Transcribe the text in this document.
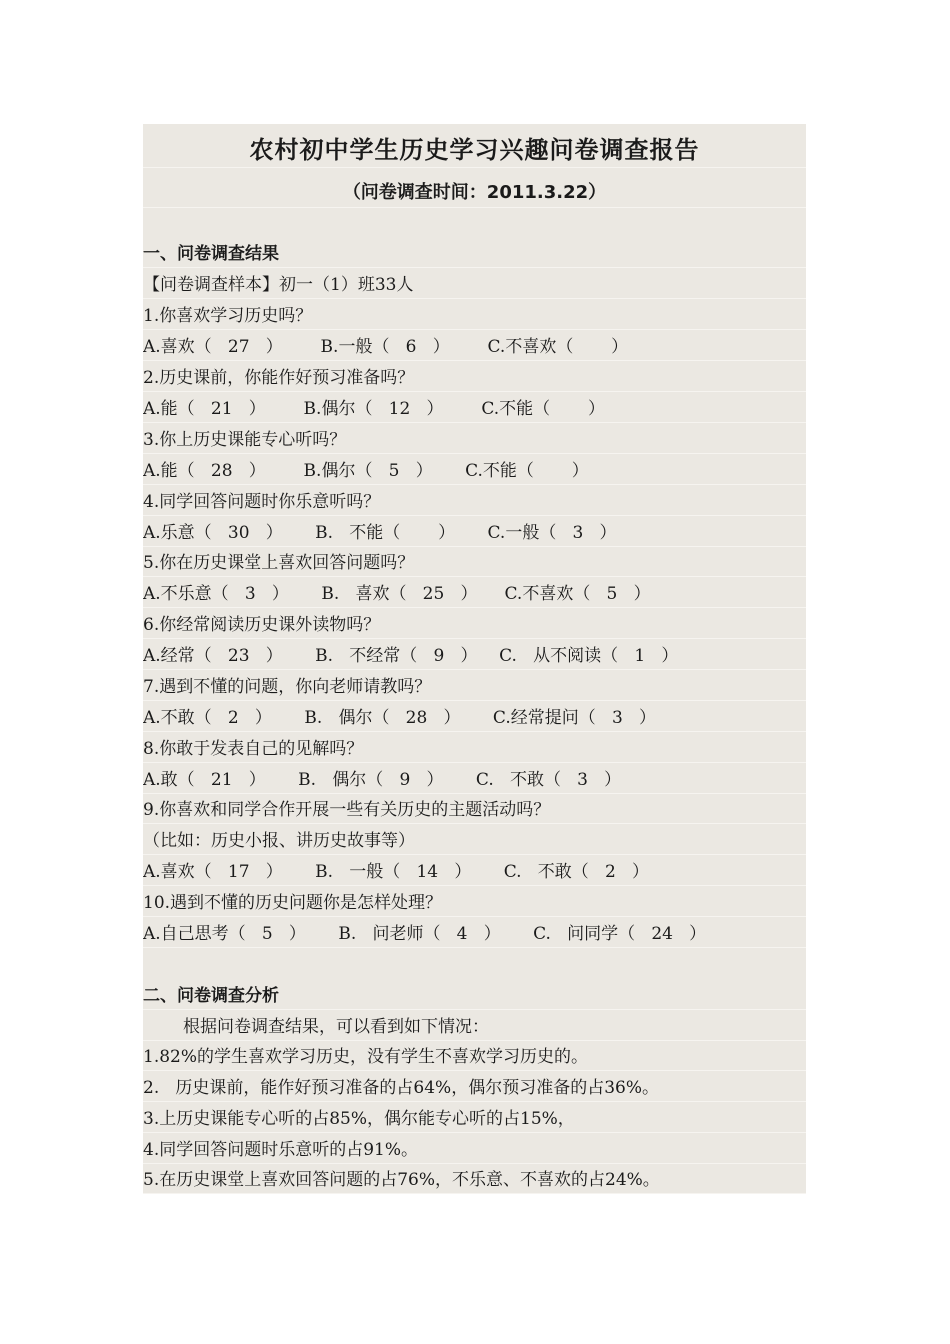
农村初中学生历史学习兴趣问卷调查报告
（问卷调查时间：2011.3.22）
一、问卷调查结果
【问卷调查样本】初一（1）班33人
1.你喜欢学习历史吗？
A.喜欢（   27   ）       B.一般（   6   ）       C.不喜欢（       ）
2.历史课前，你能作好预习准备吗？
A.能（   21   ）       B.偶尔（   12   ）       C.不能（       ）
3.你上历史课能专心听吗？
A.能（   28   ）       B.偶尔（   5   ）      C.不能（       ）
4.同学回答问题时你乐意听吗？
A.乐意（   30   ）      B.   不能（       ）      C.一般（   3   ）
5.你在历史课堂上喜欢回答问题吗？
A.不乐意（   3   ）      B.   喜欢（   25   ）     C.不喜欢（   5   ）
6.你经常阅读历史课外读物吗？
A.经常（   23   ）      B.   不经常（   9   ）    C.   从不阅读（   1   ）
7.遇到不懂的问题，你向老师请教吗？
A.不敢（   2   ）      B.   偶尔（   28   ）      C.经常提问（   3   ）
8.你敢于发表自己的见解吗？
A.敢（   21   ）      B.   偶尔（   9   ）      C.   不敢（   3   ）
9.你喜欢和同学合作开展一些有关历史的主题活动吗？
（比如：历史小报、讲历史故事等）
A.喜欢（   17   ）      B.   一般（   14   ）      C.   不敢（   2   ）
10.遇到不懂的历史问题你是怎样处理？
A.自己思考（   5   ）      B.   问老师（   4   ）      C.   问同学（   24   ）
二、问卷调查分析
根据问卷调查结果，可以看到如下情况：
1.82%的学生喜欢学习历史，没有学生不喜欢学习历史的。
2.   历史课前，能作好预习准备的占64%，偶尔预习准备的占36%。
3.上历史课能专心听的占85%，偶尔能专心听的占15%，
4.同学回答问题时乐意听的占91%。
5.在历史课堂上喜欢回答问题的占76%，不乐意、不喜欢的占24%。
